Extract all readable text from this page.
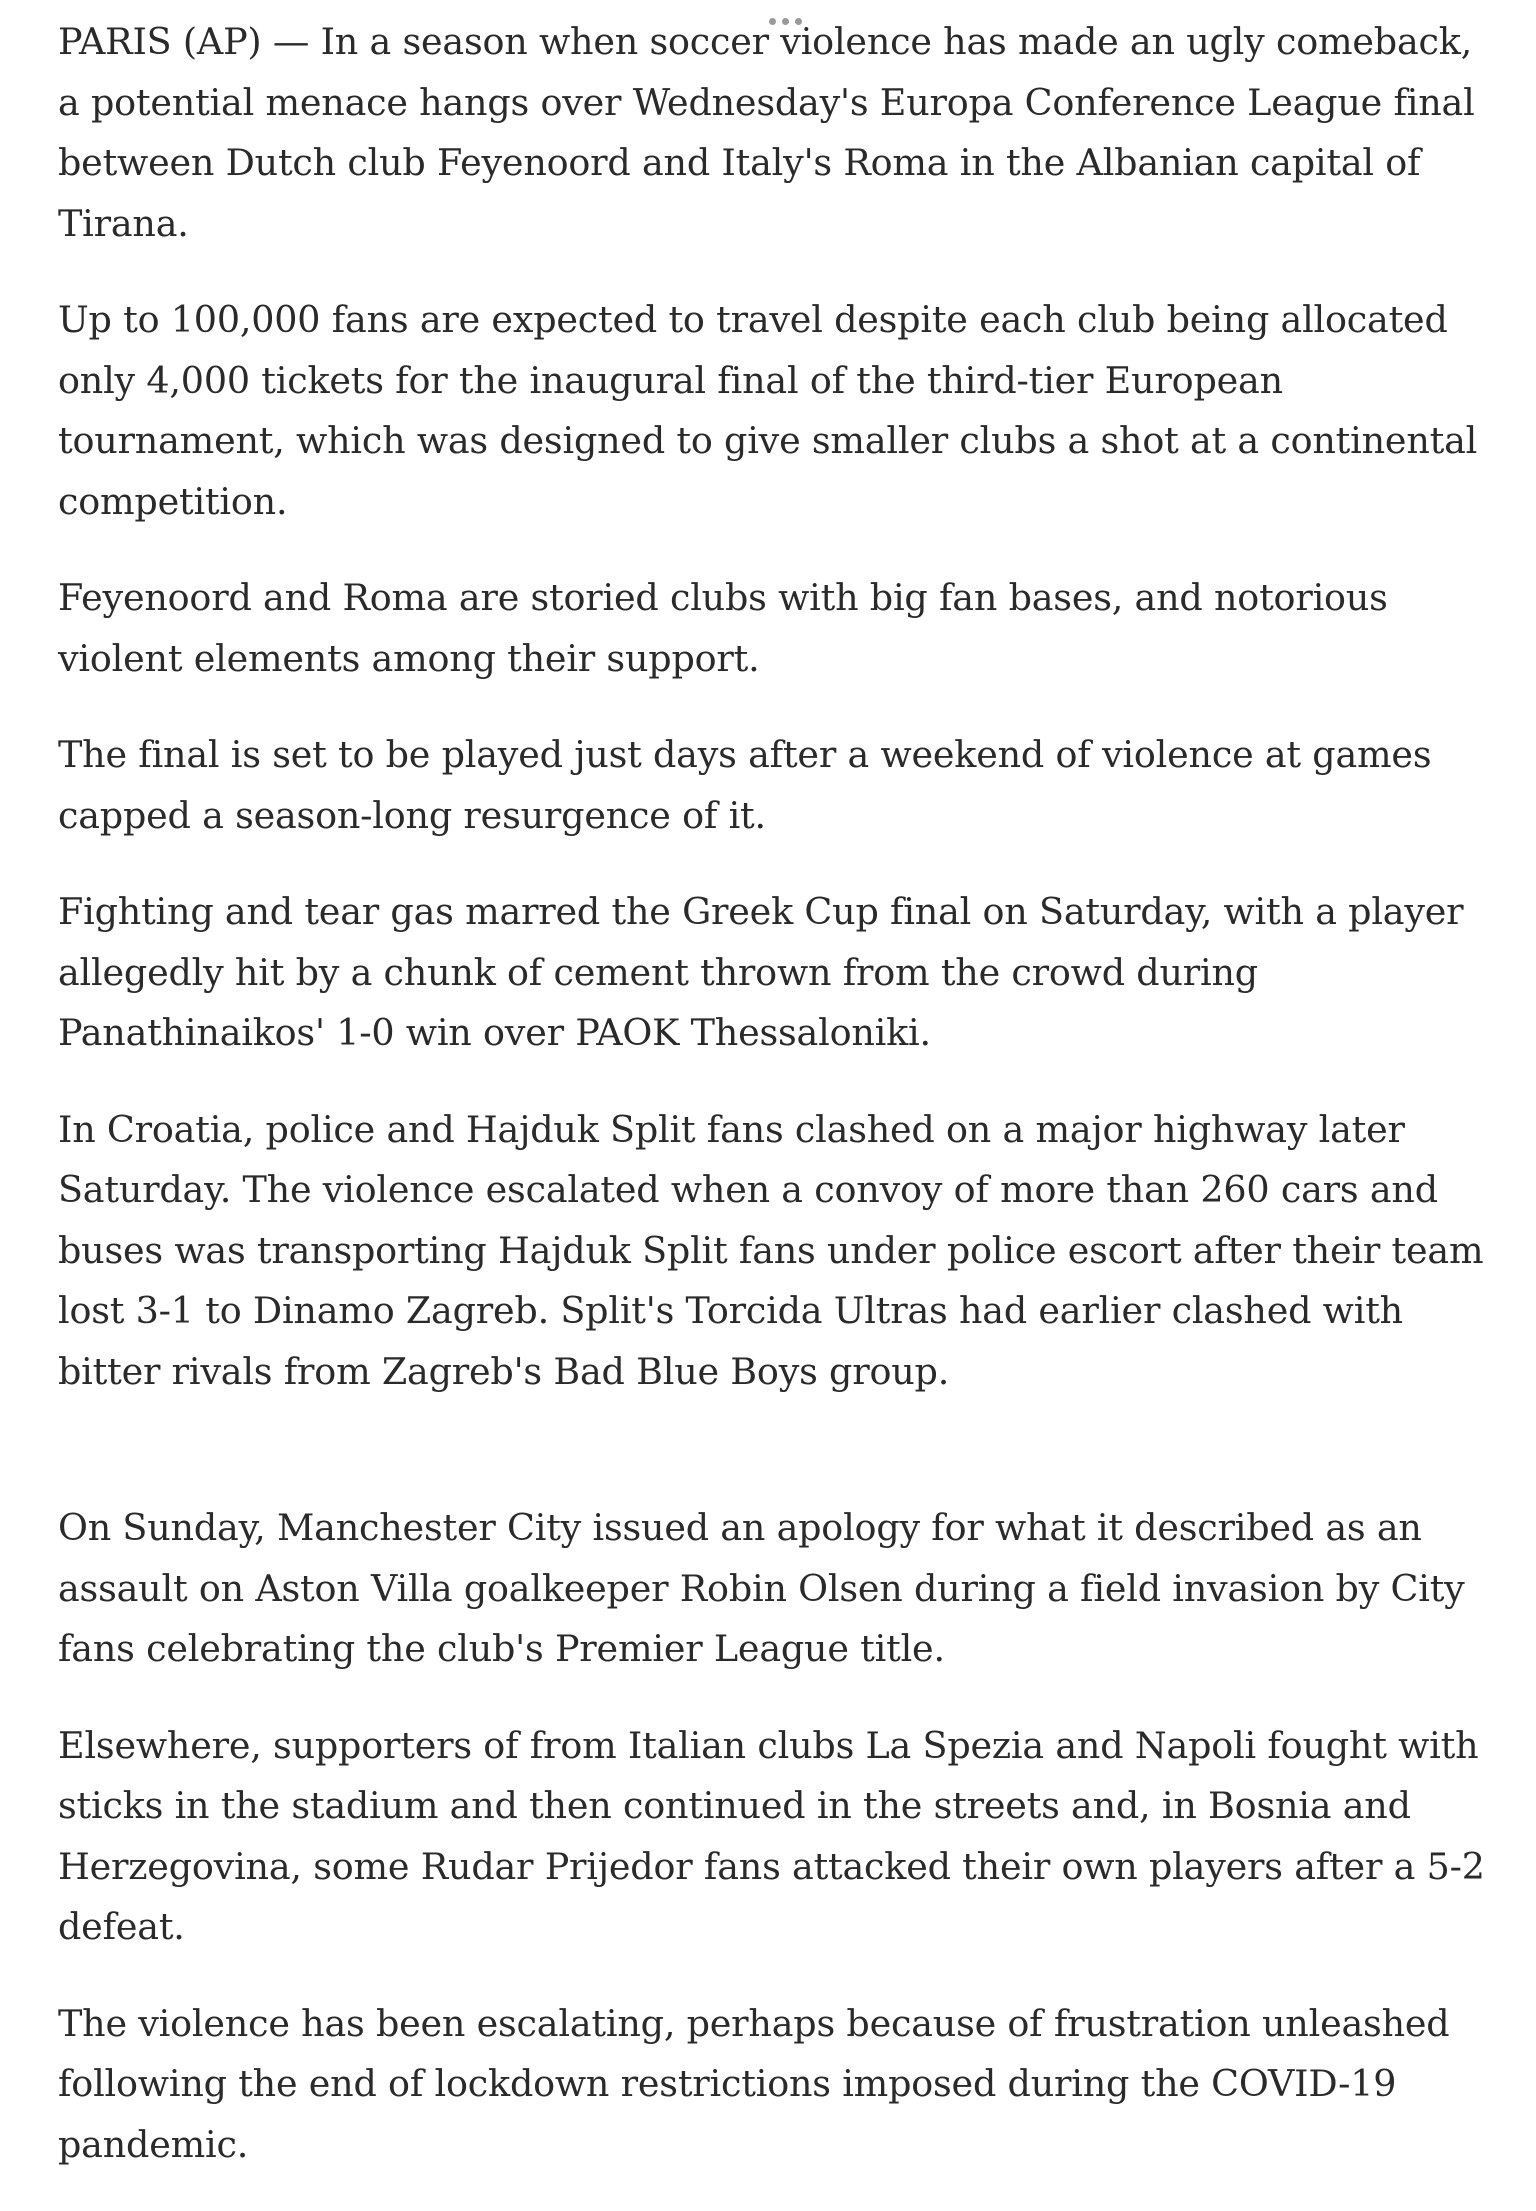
PARIS (AP) — In a season when soccer violence has made an ugly comeback, a potential menace hangs over Wednesday's Europa Conference League final between Dutch club Feyenoord and Italy's Roma in the Albanian capital of Tirana.

Up to 100,000 fans are expected to travel despite each club being allocated only 4,000 tickets for the inaugural final of the third-tier European tournament, which was designed to give smaller clubs a shot at a continental competition.

Feyenoord and Roma are storied clubs with big fan bases, and notorious violent elements among their support.

The final is set to be played just days after a weekend of violence at games capped a season-long resurgence of it.

Fighting and tear gas marred the Greek Cup final on Saturday, with a player allegedly hit by a chunk of cement thrown from the crowd during Panathinaikos' 1-0 win over PAOK Thessaloniki.

In Croatia, police and Hajduk Split fans clashed on a major highway later Saturday. The violence escalated when a convoy of more than 260 cars and buses was transporting Hajduk Split fans under police escort after their team lost 3-1 to Dinamo Zagreb. Split's Torcida Ultras had earlier clashed with bitter rivals from Zagreb's Bad Blue Boys group.

On Sunday, Manchester City issued an apology for what it described as an assault on Aston Villa goalkeeper Robin Olsen during a field invasion by City fans celebrating the club's Premier League title.

Elsewhere, supporters of from Italian clubs La Spezia and Napoli fought with sticks in the stadium and then continued in the streets and, in Bosnia and Herzegovina, some Rudar Prijedor fans attacked their own players after a 5-2 defeat.

The violence has been escalating, perhaps because of frustration unleashed following the end of lockdown restrictions imposed during the COVID-19 pandemic.
